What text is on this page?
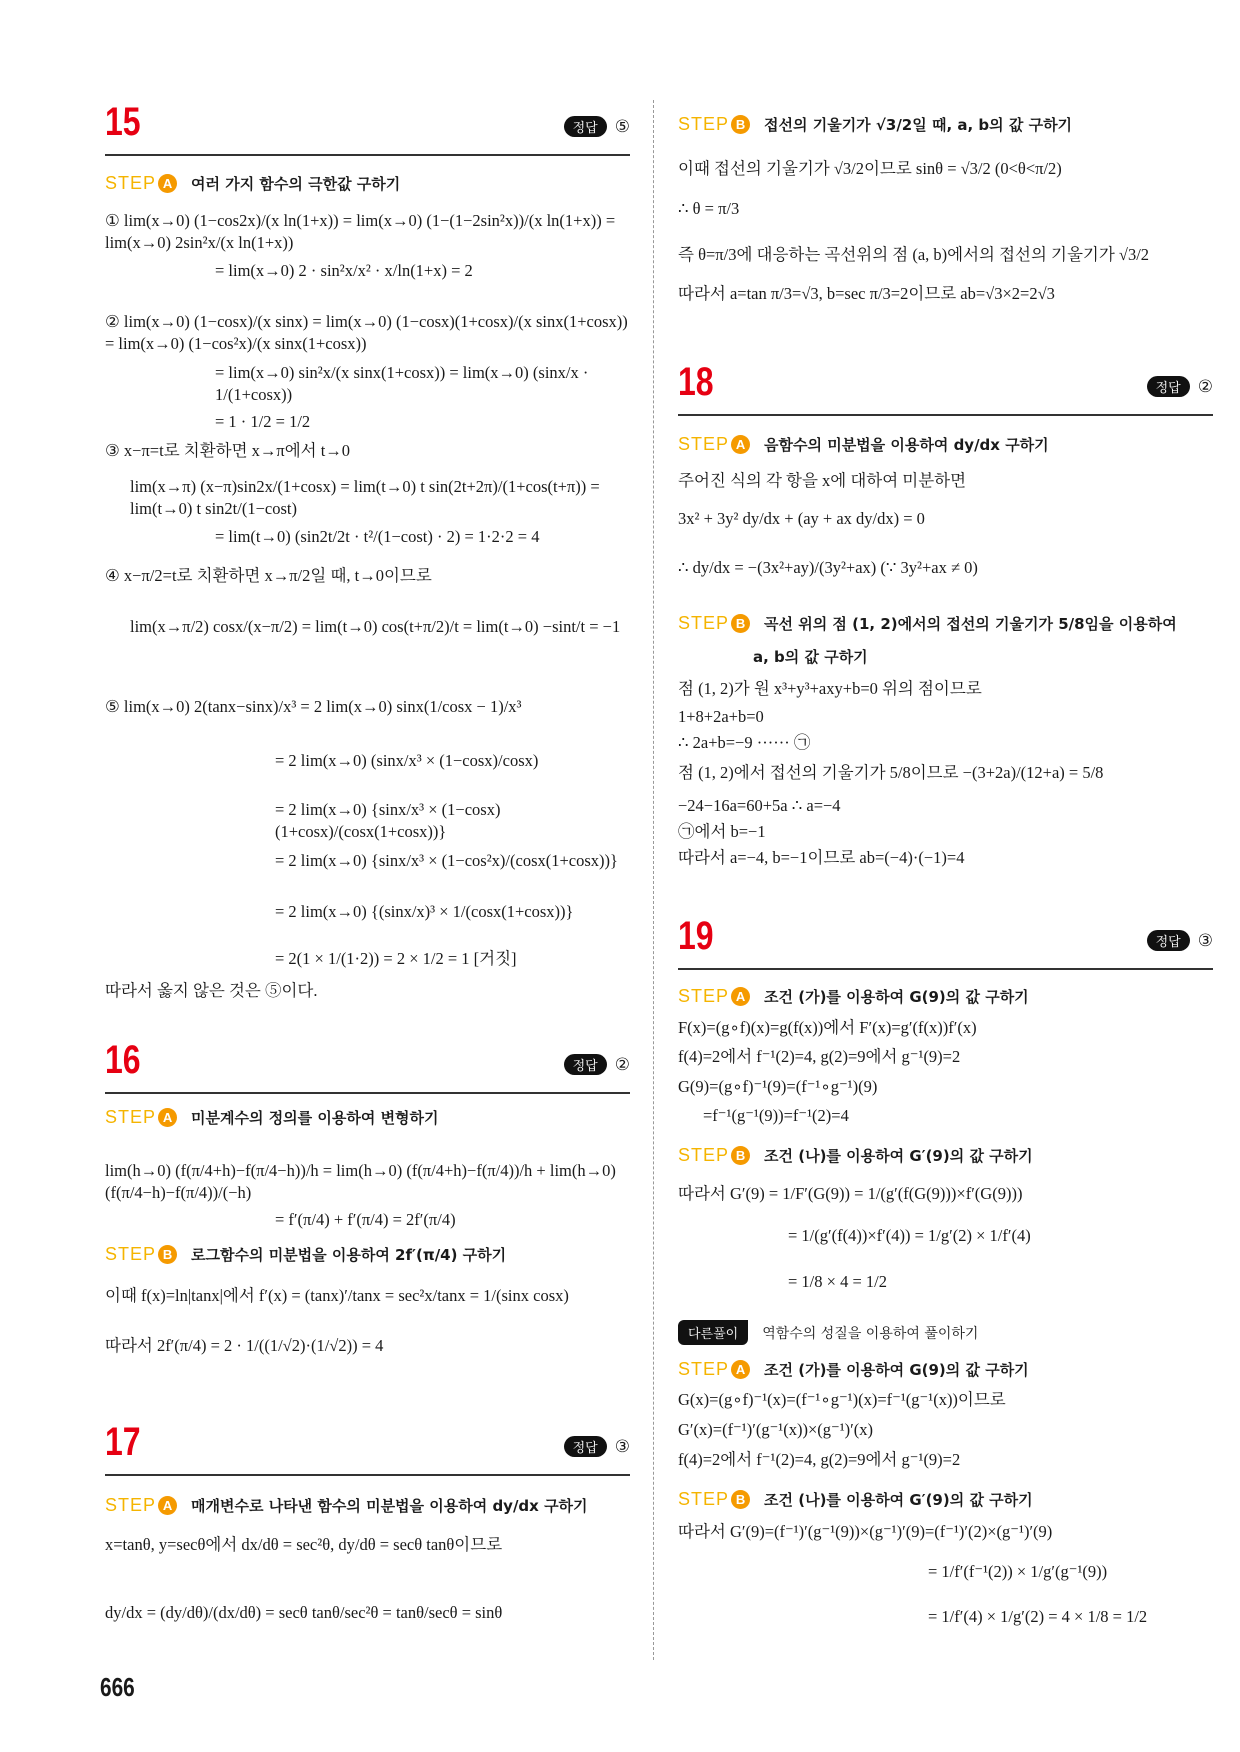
15	정답	⑤
STEP A	여러 가지 함수의 극한값 구하기
① lim(x→0) (1−cos2x)/(x ln(1+x)) = lim(x→0) (1−(1−2sin²x))/(x ln(1+x)) = lim(x→0) 2sin²x/(x ln(1+x))
= lim(x→0) 2 · sin²x/x² · x/ln(1+x) = 2
② lim(x→0) (1−cosx)/(x sinx) = lim(x→0) (1−cosx)(1+cosx)/(x sinx(1+cosx)) = lim(x→0) (1−cos²x)/(x sinx(1+cosx))
= lim(x→0) sin²x/(x sinx(1+cosx)) = lim(x→0) (sinx/x · 1/(1+cosx))
= 1 · 1/2 = 1/2
③ x−π=t로 치환하면 x→π에서 t→0
lim(x→π) (x−π)sin2x/(1+cosx) = lim(t→0) t sin(2t+2π)/(1+cos(t+π)) = lim(t→0) t sin2t/(1−cost)
= lim(t→0) (sin2t/2t · t²/(1−cost) · 2) = 1·2·2 = 4
④ x−π/2=t로 치환하면 x→π/2일 때, t→0이므로
lim(x→π/2) cosx/(x−π/2) = lim(t→0) cos(t+π/2)/t = lim(t→0) −sint/t = −1
⑤ lim(x→0) 2(tanx−sinx)/x³ = 2 lim(x→0) sinx(1/cosx − 1)/x³
= 2 lim(x→0) (sinx/x³ × (1−cosx)/cosx)
= 2 lim(x→0) {sinx/x³ × (1−cosx)(1+cosx)/(cosx(1+cosx))}
= 2 lim(x→0) {sinx/x³ × (1−cos²x)/(cosx(1+cosx))}
= 2 lim(x→0) {(sinx/x)³ × 1/(cosx(1+cosx))}
= 2(1 × 1/(1·2)) = 2 × 1/2 = 1 [거짓]
따라서 옳지 않은 것은 ⑤이다.
16	정답	②
STEP A	미분계수의 정의를 이용하여 변형하기
lim(h→0) (f(π/4+h)−f(π/4−h))/h = lim(h→0) (f(π/4+h)−f(π/4))/h + lim(h→0) (f(π/4−h)−f(π/4))/(−h)
= f′(π/4) + f′(π/4) = 2f′(π/4)
STEP B	로그함수의 미분법을 이용하여 2f′(π/4) 구하기
이때 f(x)=ln|tanx|에서 f′(x) = (tanx)′/tanx = sec²x/tanx = 1/(sinx cosx)
따라서 2f′(π/4) = 2 · 1/((1/√2)·(1/√2)) = 4
17	정답	③
STEP A	매개변수로 나타낸 함수의 미분법을 이용하여 dy/dx 구하기
x=tanθ, y=secθ에서 dx/dθ = sec²θ, dy/dθ = secθ tanθ이므로
dy/dx = (dy/dθ)/(dx/dθ) = secθ tanθ/sec²θ = tanθ/secθ = sinθ
STEP B	접선의 기울기가 √3/2일 때, a, b의 값 구하기
이때 접선의 기울기가 √3/2이므로 sinθ = √3/2 (0<θ<π/2)
∴ θ = π/3
즉 θ=π/3에 대응하는 곡선위의 점 (a, b)에서의 접선의 기울기가 √3/2
따라서 a=tan π/3=√3, b=sec π/3=2이므로 ab=√3×2=2√3
18	정답	②
STEP A	음함수의 미분법을 이용하여 dy/dx 구하기
주어진 식의 각 항을 x에 대하여 미분하면
3x² + 3y² dy/dx + (ay + ax dy/dx) = 0
∴ dy/dx = −(3x²+ay)/(3y²+ax) (∵ 3y²+ax ≠ 0)
STEP B	곡선 위의 점 (1, 2)에서의 접선의 기울기가 5/8임을 이용하여
a, b의 값 구하기
점 (1, 2)가 원 x³+y³+axy+b=0 위의 점이므로
1+8+2a+b=0
∴ 2a+b=−9 ······ ㉠
점 (1, 2)에서 접선의 기울기가 5/8이므로 −(3+2a)/(12+a) = 5/8
−24−16a=60+5a ∴ a=−4
㉠에서 b=−1
따라서 a=−4, b=−1이므로 ab=(−4)·(−1)=4
19	정답	③
STEP A	조건 (가)를 이용하여 G(9)의 값 구하기
F(x)=(g∘f)(x)=g(f(x))에서 F′(x)=g′(f(x))f′(x)
f(4)=2에서 f⁻¹(2)=4, g(2)=9에서 g⁻¹(9)=2
G(9)=(g∘f)⁻¹(9)=(f⁻¹∘g⁻¹)(9)
=f⁻¹(g⁻¹(9))=f⁻¹(2)=4
STEP B	조건 (나)를 이용하여 G′(9)의 값 구하기
따라서 G′(9) = 1/F′(G(9)) = 1/(g′(f(G(9)))×f′(G(9)))
= 1/(g′(f(4))×f′(4)) = 1/g′(2) × 1/f′(4)
= 1/8 × 4 = 1/2
다른풀이	역함수의 성질을 이용하여 풀이하기
STEP A	조건 (가)를 이용하여 G(9)의 값 구하기
G(x)=(g∘f)⁻¹(x)=(f⁻¹∘g⁻¹)(x)=f⁻¹(g⁻¹(x))이므로
G′(x)=(f⁻¹)′(g⁻¹(x))×(g⁻¹)′(x)
f(4)=2에서 f⁻¹(2)=4, g(2)=9에서 g⁻¹(9)=2
STEP B	조건 (나)를 이용하여 G′(9)의 값 구하기
따라서 G′(9)=(f⁻¹)′(g⁻¹(9))×(g⁻¹)′(9)=(f⁻¹)′(2)×(g⁻¹)′(9)
= 1/f′(f⁻¹(2)) × 1/g′(g⁻¹(9))
= 1/f′(4) × 1/g′(2) = 4 × 1/8 = 1/2
666
